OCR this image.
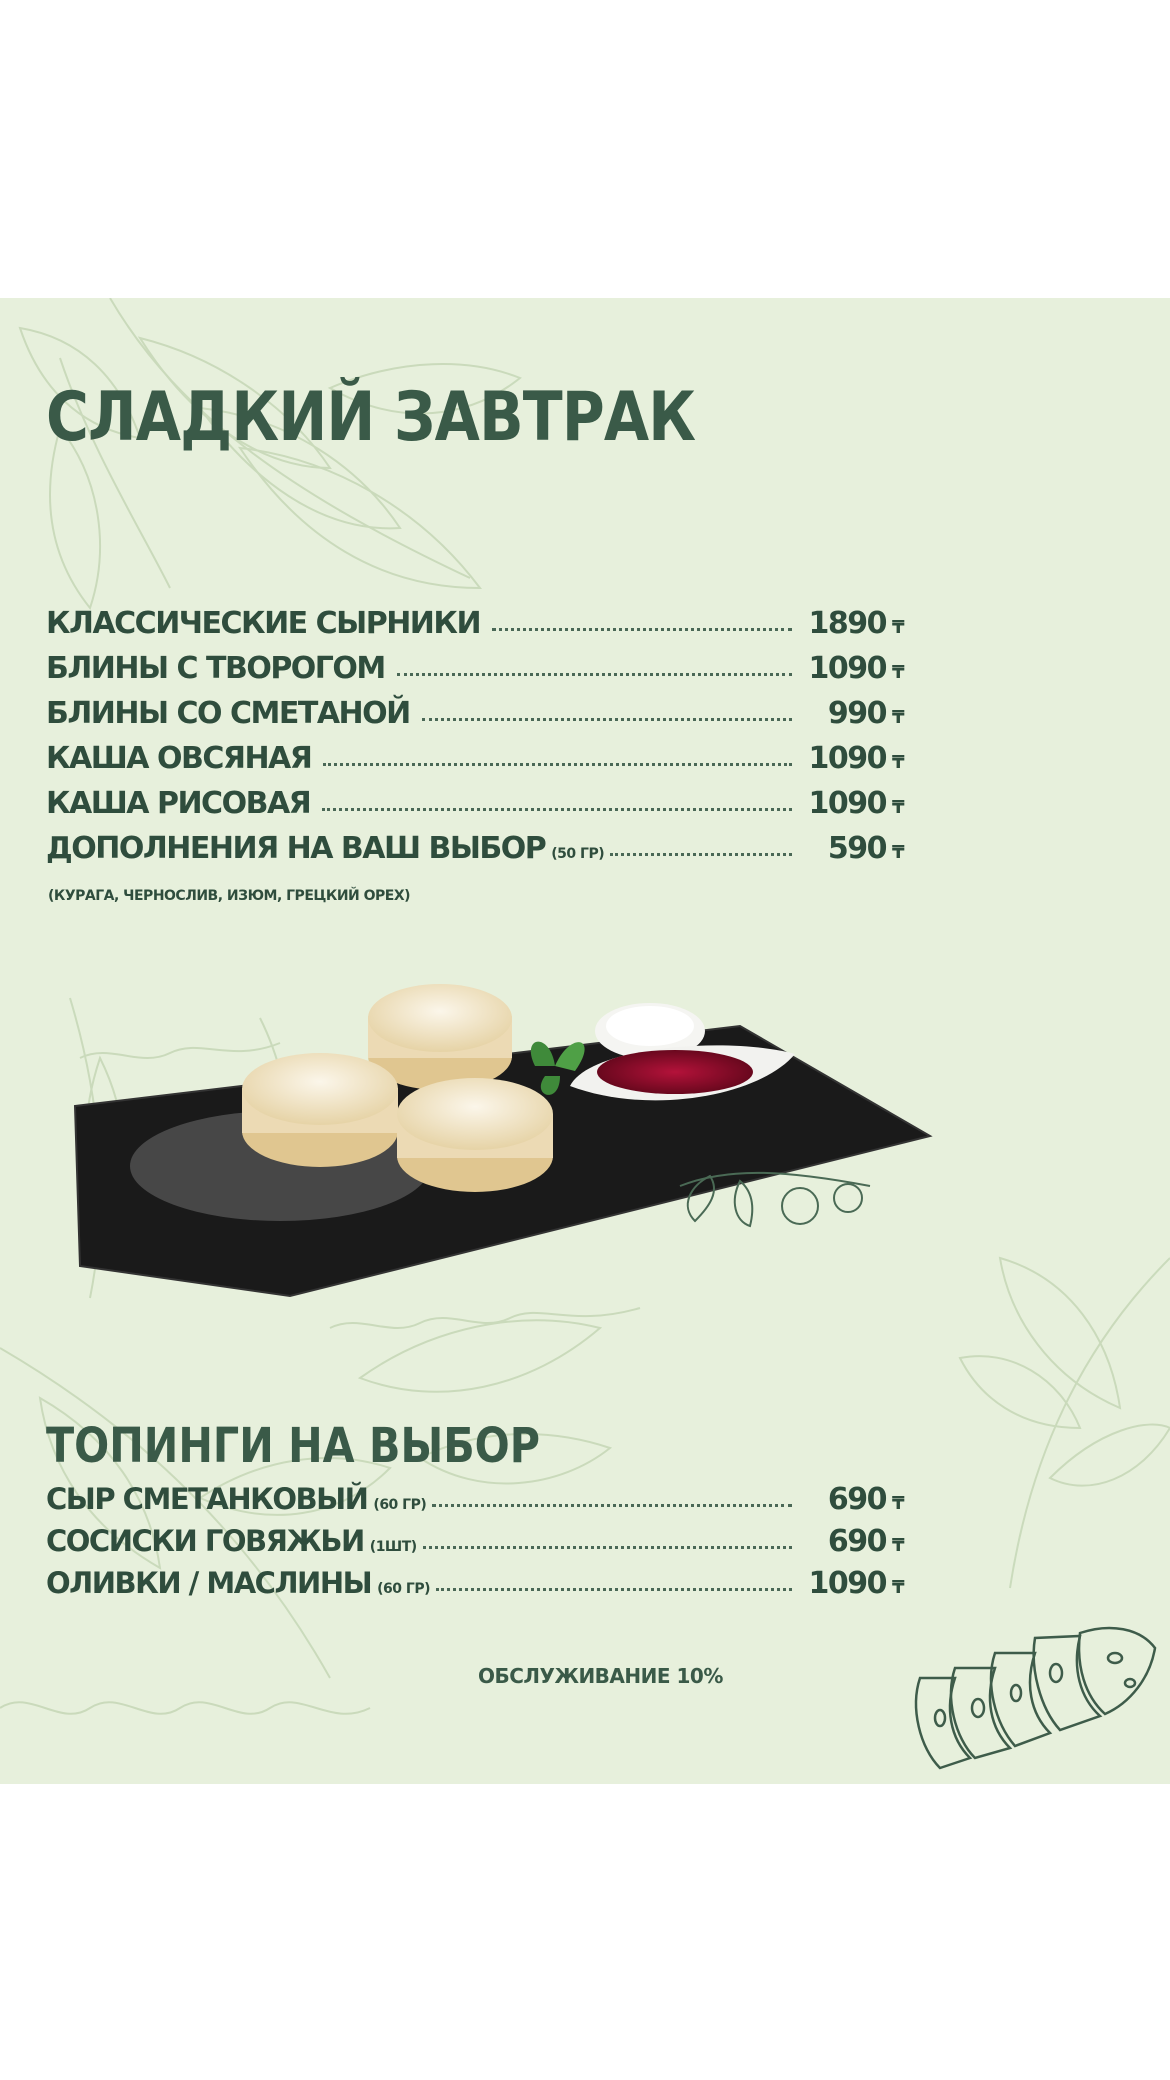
СЛАДКИЙ ЗАВТРАК
КЛАССИЧЕСКИЕ СЫРНИКИ	1890 ₸
БЛИНЫ С ТВОРОГОМ	1090 ₸
БЛИНЫ СО СМЕТАНОЙ	990 ₸
КАША ОВСЯНАЯ	1090 ₸
КАША РИСОВАЯ	1090 ₸
ДОПОЛНЕНИЯ НА ВАШ ВЫБОР (50 ГР)	590 ₸

(КУРАГА, ЧЕРНОСЛИВ, ИЗЮМ, ГРЕЦКИЙ ОРЕХ)

ТОПИНГИ НА ВЫБОР
СЫР СМЕТАНКОВЫЙ (60 ГР)	690 ₸
СОСИСКИ ГОВЯЖЬИ (1ШТ)	690 ₸
ОЛИВКИ / МАСЛИНЫ (60 ГР)	1090 ₸

ОБСЛУЖИВАНИЕ 10%
